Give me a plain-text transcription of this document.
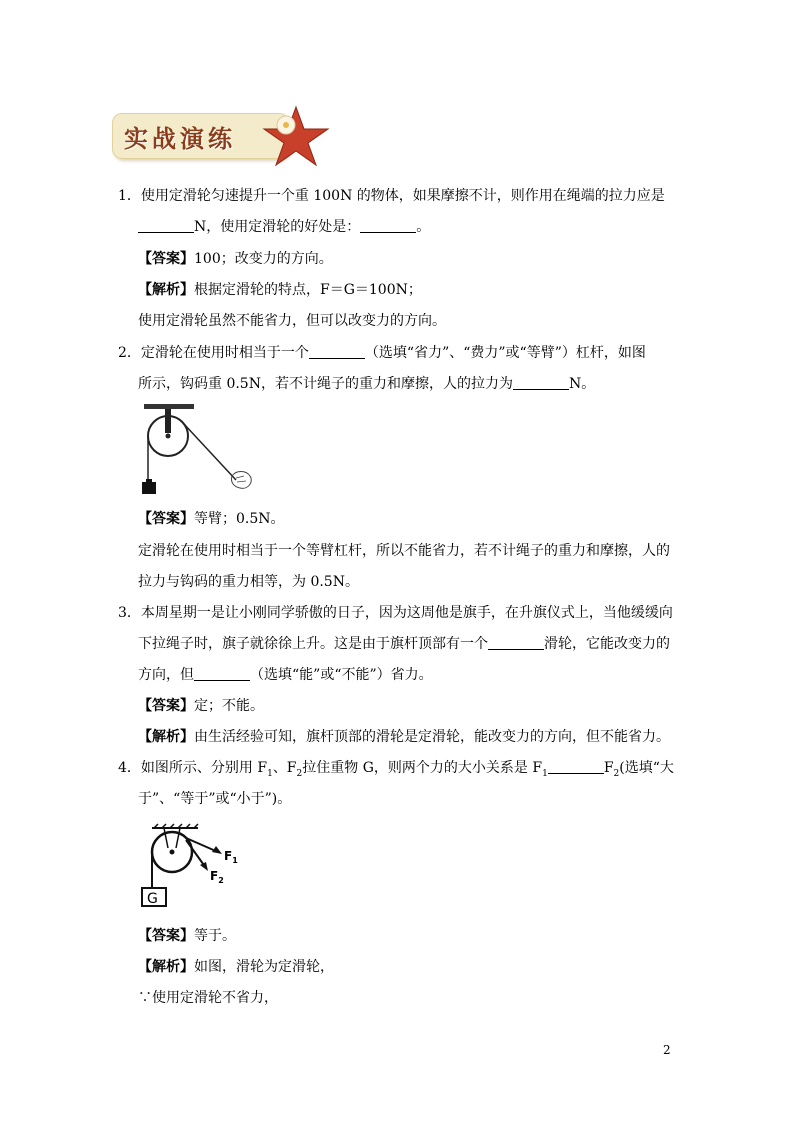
实战演练
1．使用定滑轮匀速提升一个重 100N 的物体，如果摩擦不计，则作用在绳端的拉力应是
N，使用定滑轮的好处是：	。
【答案】100；改变力的方向。
【解析】根据定滑轮的特点，F＝G＝100N；
使用定滑轮虽然不能省力，但可以改变力的方向。
2．定滑轮在使用时相当于一个	（选填“省力”、“费力”或“等臂”）杠杆，如图
所示，钩码重 0.5N，若不计绳子的重力和摩擦，人的拉力为	N。
【答案】等臂；0.5N。
定滑轮在使用时相当于一个等臂杠杆，所以不能省力，若不计绳子的重力和摩擦，人的
拉力与钩码的重力相等，为 0.5N。
3．本周星期一是让小刚同学骄傲的日子，因为这周他是旗手，在升旗仪式上，当他缓缓向
下拉绳子时，旗子就徐徐上升。这是由于旗杆顶部有一个	滑轮，它能改变力的
方向，但	（选填“能”或“不能”）省力。
【答案】定；不能。
【解析】由生活经验可知，旗杆顶部的滑轮是定滑轮，能改变力的方向，但不能省力。
4．如图所示、分别用 $F_1$、$F_2$拉住重物 G，则两个力的大小关系是 $F_1$	$F_2$(选填“大
于”、“等于”或“小于”)。
G
$F_1$
$F_2$
【答案】等于。
【解析】如图，滑轮为定滑轮，
∵使用定滑轮不省力，
2
